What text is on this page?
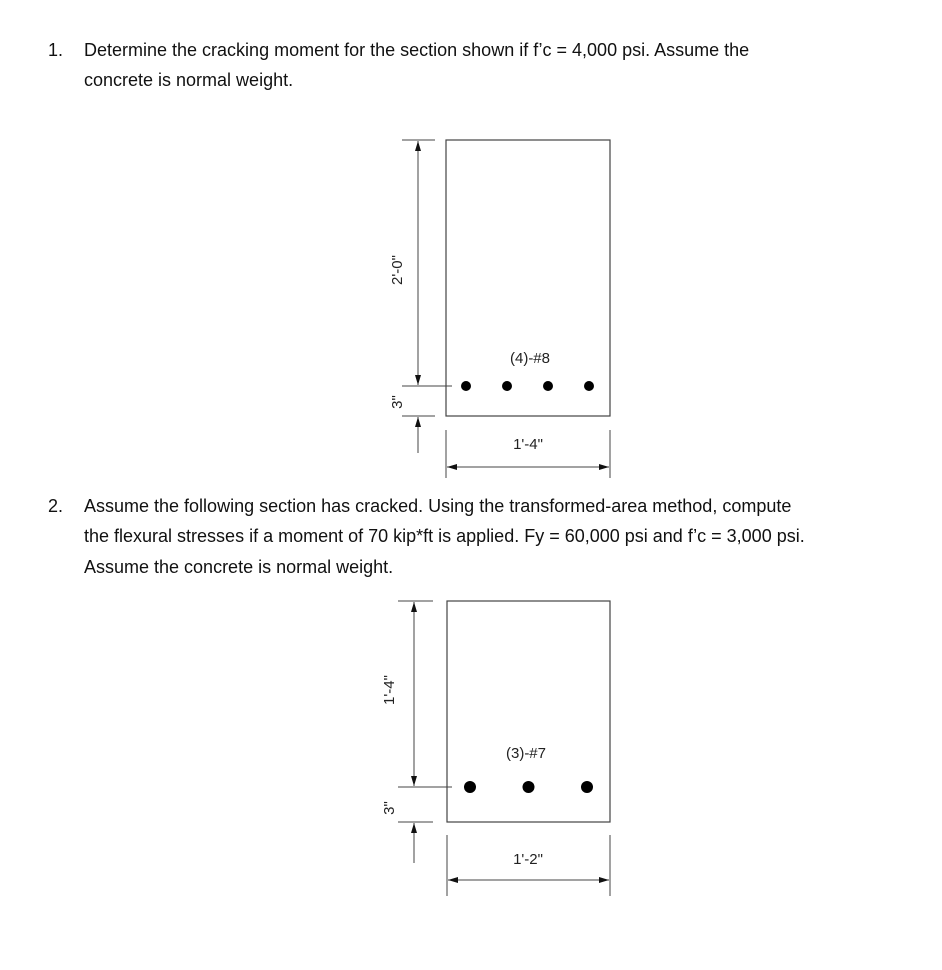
1. Determine the cracking moment for the section shown if f’c = 4,000 psi. Assume the
concrete is normal weight.
2. Assume the following section has cracked. Using the transformed-area method, compute
the flexural stresses if a moment of 70 kip*ft is applied. Fy = 60,000 psi and f’c = 3,000 psi.
Assume the concrete is normal weight.
2'-0"
3"
1'-4"
(4)-#8
1'-4"
3"
1'-2"
(3)-#7
